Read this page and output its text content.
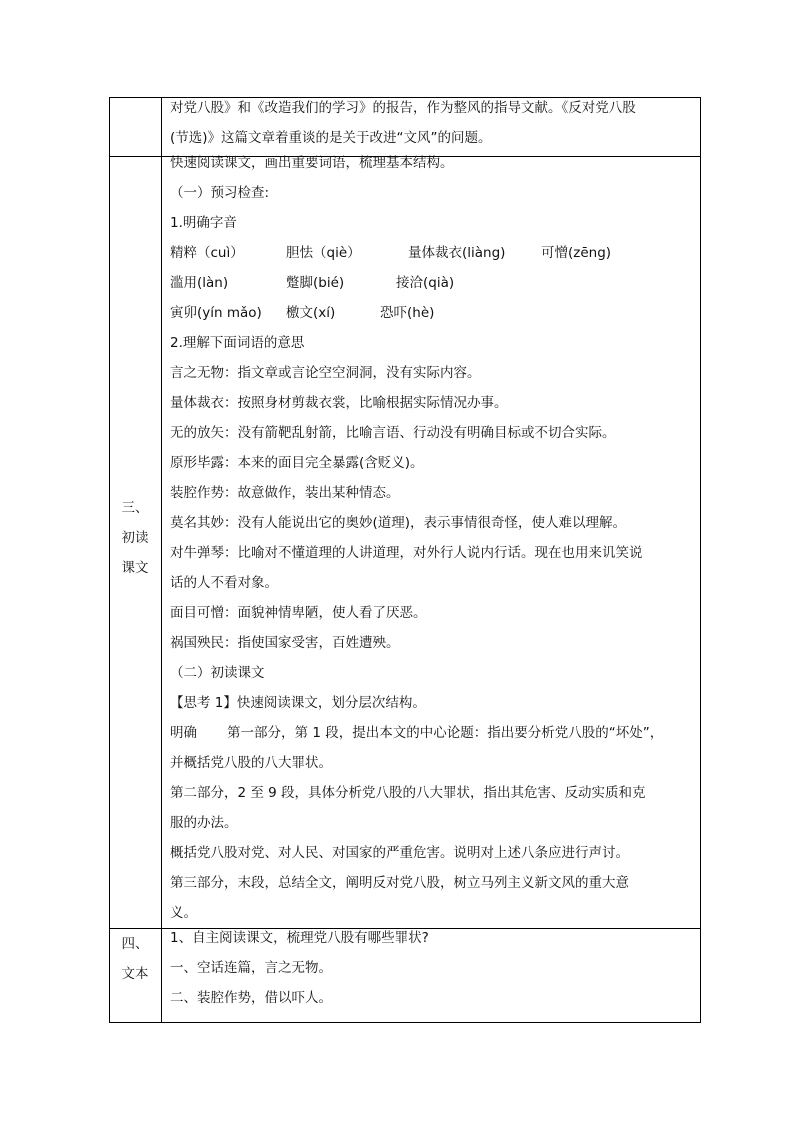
对党八股》和《改造我们的学习》的报告，作为整风的指导文献。《反对党八股

(节选)》这篇文章着重谈的是关于改进“文风”的问题。

三、
初读
课文

快速阅读课文，画出重要词语，梳理基本结构。

（一）预习检查:

1.明确字音

精粹（cuì）	胆怯（qiè）	量体裁衣(liàng)	可憎(zēng)

滥用(làn)	蹩脚(bié)	接洽(qià)

寅卯(yín mǎo) 檄文(xí)	恐吓(hè)

2.理解下面词语的意思

言之无物：指文章或言论空空洞洞，没有实际内容。

量体裁衣：按照身材剪裁衣裳，比喻根据实际情况办事。

无的放矢：没有箭靶乱射箭，比喻言语、行动没有明确目标或不切合实际。

原形毕露：本来的面目完全暴露(含贬义)。

装腔作势：故意做作，装出某种情态。

莫名其妙：没有人能说出它的奥妙(道理)，表示事情很奇怪，使人难以理解。

对牛弹琴：比喻对不懂道理的人讲道理，对外行人说内行话。现在也用来讥笑说

话的人不看对象。

面目可憎：面貌神情卑陋，使人看了厌恶。

祸国殃民：指使国家受害，百姓遭殃。

（二）初读课文

【思考 1】快速阅读课文，划分层次结构。

明确       第一部分，第 1 段，提出本文的中心论题：指出要分析党八股的“坏处”，

并概括党八股的八大罪状。

第二部分，2 至 9 段，具体分析党八股的八大罪状，指出其危害、反动实质和克

服的办法。

概括党八股对党、对人民、对国家的严重危害。说明对上述八条应进行声讨。

第三部分，末段，总结全文，阐明反对党八股，树立马列主义新文风的重大意

义。

四、
文本

1、自主阅读课文，梳理党八股有哪些罪状?

一、空话连篇，言之无物。

二、装腔作势，借以吓人。
